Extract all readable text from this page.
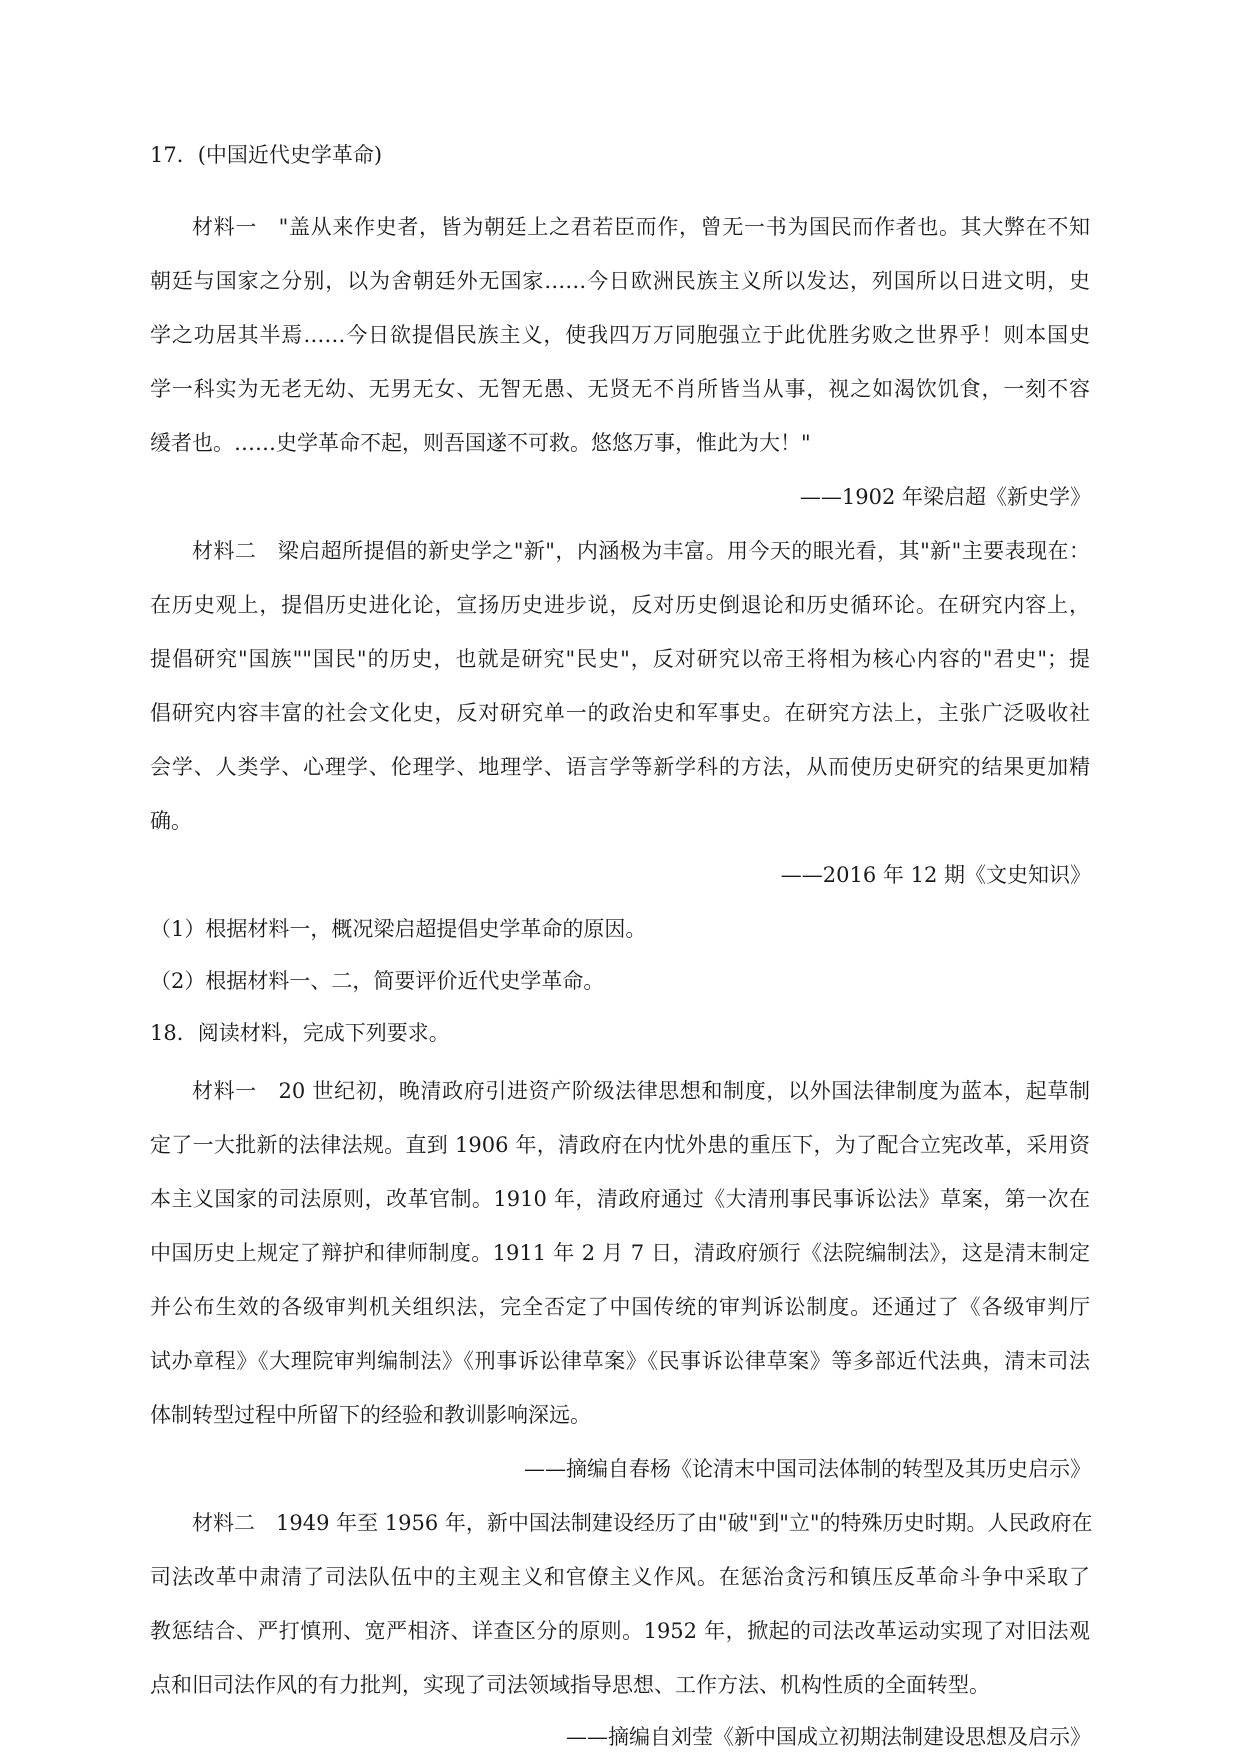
17．(中国近代史学革命)
材料一　"盖从来作史者，皆为朝廷上之君若臣而作，曾无一书为国民而作者也。其大弊在不知
朝廷与国家之分别，以为舍朝廷外无国家……今日欧洲民族主义所以发达，列国所以日进文明，史
学之功居其半焉……今日欲提倡民族主义，使我四万万同胞强立于此优胜劣败之世界乎！则本国史
学一科实为无老无幼、无男无女、无智无愚、无贤无不肖所皆当从事，视之如渴饮饥食，一刻不容
缓者也。……史学革命不起，则吾国遂不可救。悠悠万事，惟此为大！"
——1902 年梁启超《新史学》
材料二　梁启超所提倡的新史学之"新"，内涵极为丰富。用今天的眼光看，其"新"主要表现在：
在历史观上，提倡历史进化论，宣扬历史进步说，反对历史倒退论和历史循环论。在研究内容上，
提倡研究"国族""国民"的历史，也就是研究"民史"，反对研究以帝王将相为核心内容的"君史"；提
倡研究内容丰富的社会文化史，反对研究单一的政治史和军事史。在研究方法上，主张广泛吸收社
会学、人类学、心理学、伦理学、地理学、语言学等新学科的方法，从而使历史研究的结果更加精
确。
——2016 年 12 期《文史知识》
（1）根据材料一，概况梁启超提倡史学革命的原因。
（2）根据材料一、二，简要评价近代史学革命。
18．阅读材料，完成下列要求。
材料一　20 世纪初，晚清政府引进资产阶级法律思想和制度，以外国法律制度为蓝本，起草制
定了一大批新的法律法规。直到 1906 年，清政府在内忧外患的重压下，为了配合立宪改革，采用资
本主义国家的司法原则，改革官制。1910 年，清政府通过《大清刑事民事诉讼法》草案，第一次在
中国历史上规定了辩护和律师制度。1911 年 2 月 7 日，清政府颁行《法院编制法》，这是清末制定
并公布生效的各级审判机关组织法，完全否定了中国传统的审判诉讼制度。还通过了《各级审判厅
试办章程》《大理院审判编制法》《刑事诉讼律草案》《民事诉讼律草案》等多部近代法典，清末司法
体制转型过程中所留下的经验和教训影响深远。
——摘编自春杨《论清末中国司法体制的转型及其历史启示》
材料二　1949 年至 1956 年，新中国法制建设经历了由"破"到"立"的特殊历史时期。人民政府在
司法改革中肃清了司法队伍中的主观主义和官僚主义作风。在惩治贪污和镇压反革命斗争中采取了
教惩结合、严打慎刑、宽严相济、详查区分的原则。1952 年，掀起的司法改革运动实现了对旧法观
点和旧司法作风的有力批判，实现了司法领域指导思想、工作方法、机构性质的全面转型。
——摘编自刘莹《新中国成立初期法制建设思想及启示》
